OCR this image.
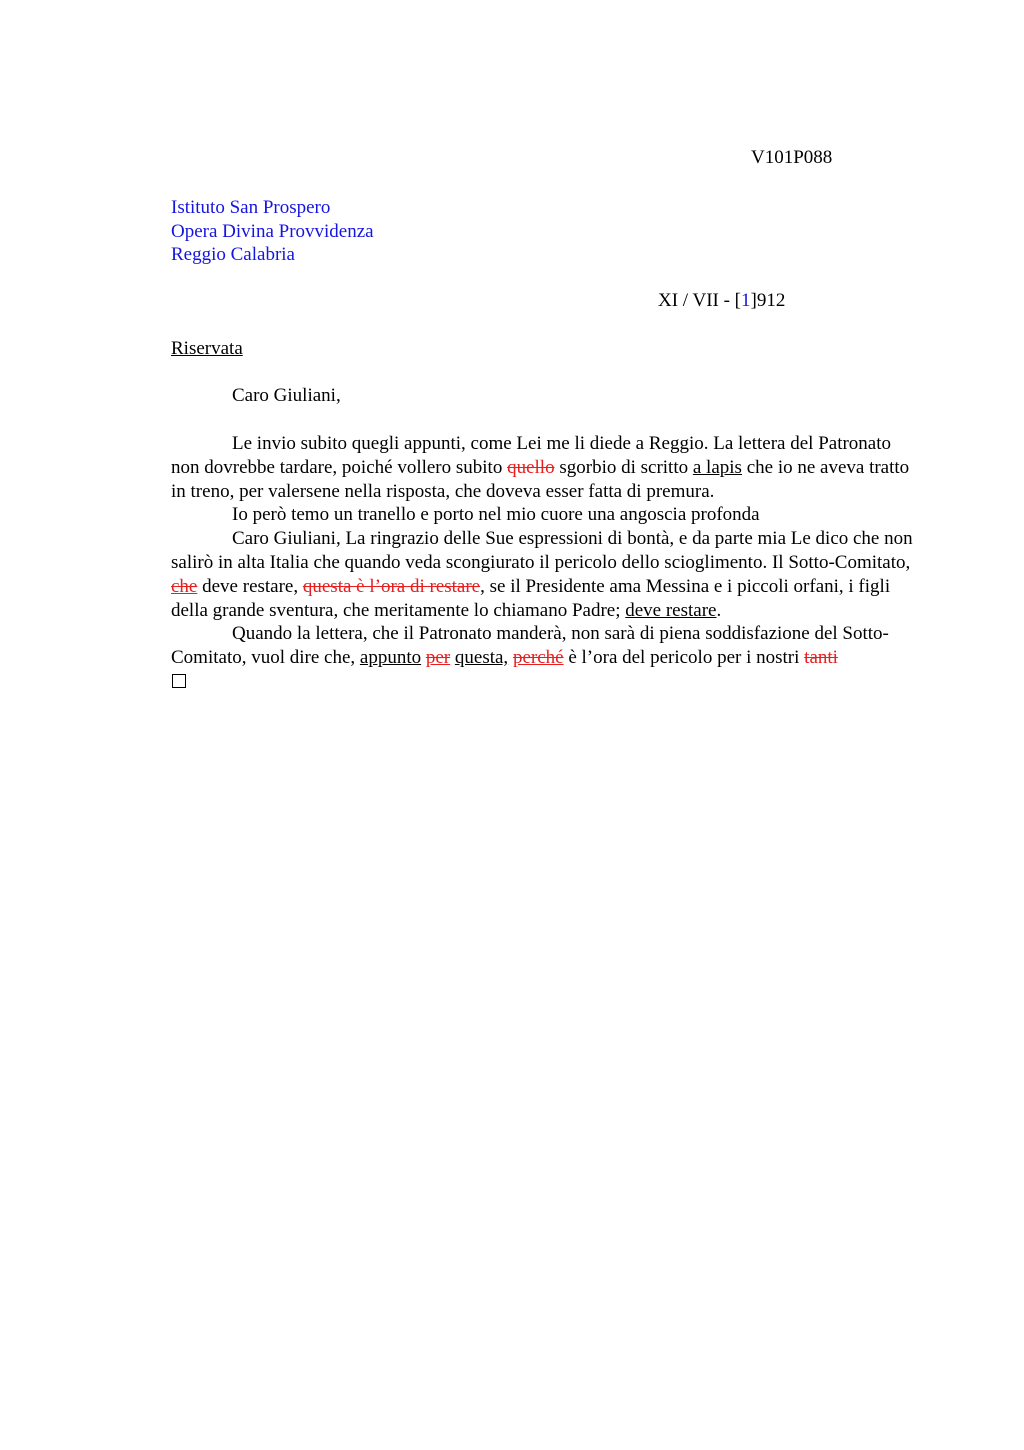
V101P088
Istituto San Prospero
Opera Divina Provvidenza
Reggio Calabria
XI / VII - [1]912
Riservata
Caro Giuliani,

Le invio subito quegli appunti, come Lei me li diede a Reggio. La lettera del Patronato non dovrebbe tardare, poiché vollero subito quello sgorbio di scritto a lapis che io ne aveva tratto in treno, per valersene nella risposta, che doveva esser fatta di premura.

Io però temo un tranello e porto nel mio cuore una angoscia profonda

Caro Giuliani, La ringrazio delle Sue espressioni di bontà, e da parte mia Le dico che non salirò in alta Italia che quando veda scongiurato il pericolo dello scioglimento. Il Sotto-Comitato, che deve restare, questa è l’ora di restare, se il Presidente ama Messina e i piccoli orfani, i figli della grande sventura, che meritamente lo chiamano Padre; deve restare.

Quando la lettera, che il Patronato manderà, non sarà di piena soddisfazione del Sotto-Comitato, vuol dire che, appunto per questa, perché è l’ora del pericolo per i nostri tanti
